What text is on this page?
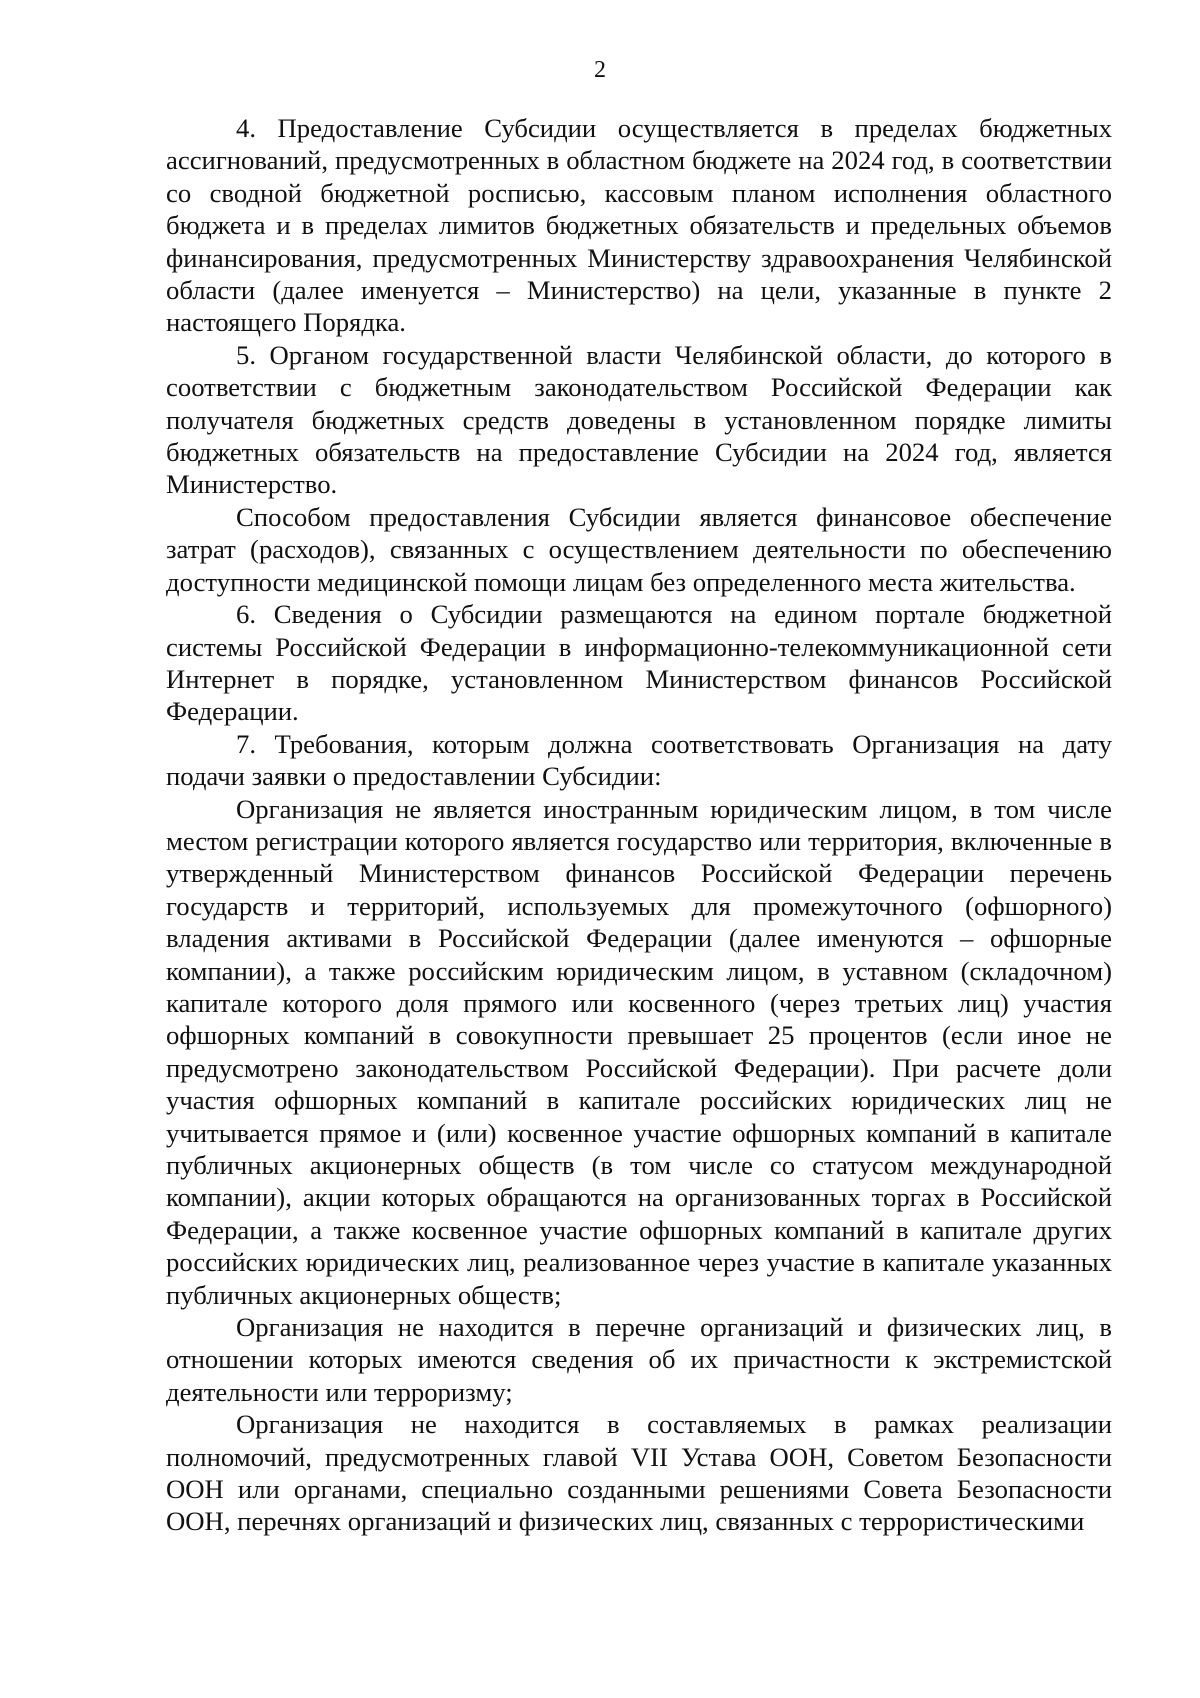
2

4. Предоставление Субсидии осуществляется в пределах бюджетных ассигнований, предусмотренных в областном бюджете на 2024 год, в соответствии со сводной бюджетной росписью, кассовым планом исполнения областного бюджета и в пределах лимитов бюджетных обязательств и предельных объемов финансирования, предусмотренных Министерству здравоохранения Челябинской области (далее именуется – Министерство) на цели, указанные в пункте 2 настоящего Порядка.

5. Органом государственной власти Челябинской области, до которого в соответствии с бюджетным законодательством Российской Федерации как получателя бюджетных средств доведены в установленном порядке лимиты бюджетных обязательств на предоставление Субсидии на 2024 год, является Министерство.

Способом предоставления Субсидии является финансовое обеспечение затрат (расходов), связанных с осуществлением деятельности по обеспечению доступности медицинской помощи лицам без определенного места жительства.

6. Сведения о Субсидии размещаются на едином портале бюджетной системы Российской Федерации в информационно-телекоммуникационной сети Интернет в порядке, установленном Министерством финансов Российской Федерации.

7. Требования, которым должна соответствовать Организация на дату подачи заявки о предоставлении Субсидии:

Организация не является иностранным юридическим лицом, в том числе местом регистрации которого является государство или территория, включенные в утвержденный Министерством финансов Российской Федерации перечень государств и территорий, используемых для промежуточного (офшорного) владения активами в Российской Федерации (далее именуются – офшорные компании), а также российским юридическим лицом, в уставном (складочном) капитале которого доля прямого или косвенного (через третьих лиц) участия офшорных компаний в совокупности превышает 25 процентов (если иное не предусмотрено законодательством Российской Федерации). При расчете доли участия офшорных компаний в капитале российских юридических лиц не учитывается прямое и (или) косвенное участие офшорных компаний в капитале публичных акционерных обществ (в том числе со статусом международной компании), акции которых обращаются на организованных торгах в Российской Федерации, а также косвенное участие офшорных компаний в капитале других российских юридических лиц, реализованное через участие в капитале указанных публичных акционерных обществ;

Организация не находится в перечне организаций и физических лиц, в отношении которых имеются сведения об их причастности к экстремистской деятельности или терроризму;

Организация не находится в составляемых в рамках реализации полномочий, предусмотренных главой VII Устава ООН, Советом Безопасности ООН или органами, специально созданными решениями Совета Безопасности ООН, перечнях организаций и физических лиц, связанных с террористическими
